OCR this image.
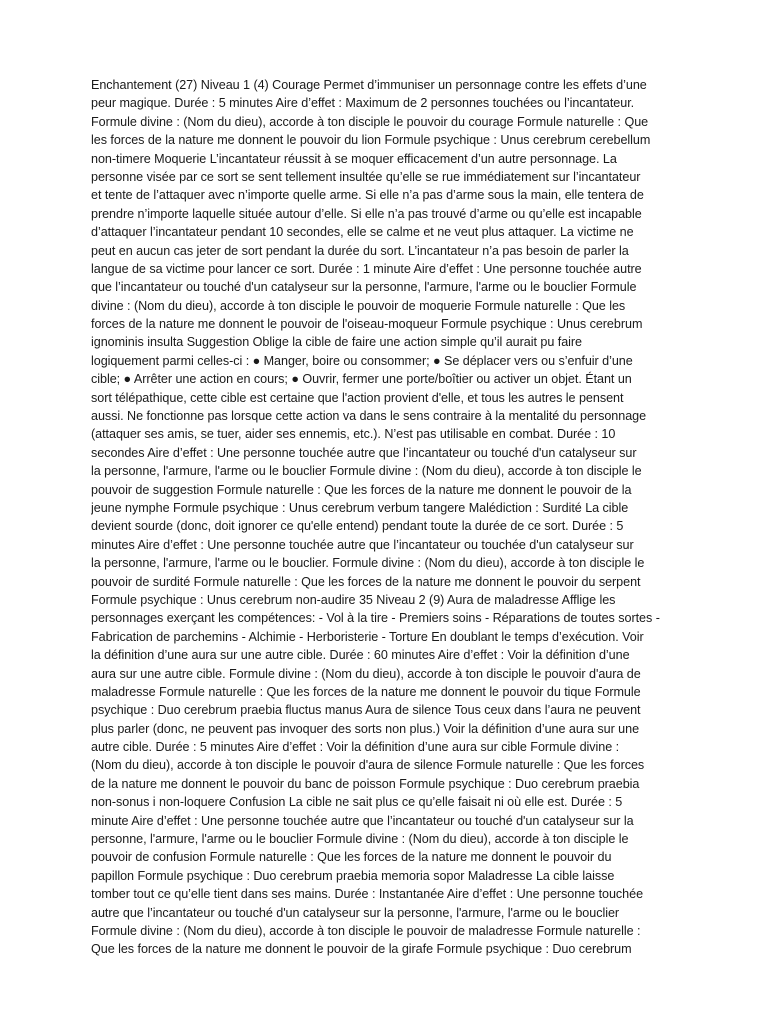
Enchantement (27) Niveau 1 (4) Courage Permet d’immuniser un personnage contre les effets d’une
peur magique. Durée : 5 minutes Aire d’effet : Maximum de 2 personnes touchées ou l’incantateur.
Formule divine : (Nom du dieu), accorde à ton disciple le pouvoir du courage Formule naturelle : Que
les forces de la nature me donnent le pouvoir du lion Formule psychique : Unus cerebrum cerebellum
non-timere Moquerie L’incantateur réussit à se moquer efficacement d’un autre personnage. La
personne visée par ce sort se sent tellement insultée qu’elle se rue immédiatement sur l’incantateur
et tente de l’attaquer avec n’importe quelle arme. Si elle n’a pas d’arme sous la main, elle tentera de
prendre n’importe laquelle située autour d’elle. Si elle n’a pas trouvé d’arme ou qu’elle est incapable
d’attaquer l’incantateur pendant 10 secondes, elle se calme et ne veut plus attaquer. La victime ne
peut en aucun cas jeter de sort pendant la durée du sort. L’incantateur n’a pas besoin de parler la
langue de sa victime pour lancer ce sort. Durée : 1 minute Aire d’effet : Une personne touchée autre
que l’incantateur ou touché d'un catalyseur sur la personne, l'armure, l'arme ou le bouclier Formule
divine : (Nom du dieu), accorde à ton disciple le pouvoir de moquerie Formule naturelle : Que les
forces de la nature me donnent le pouvoir de l'oiseau-moqueur Formule psychique : Unus cerebrum
ignominis insulta Suggestion Oblige la cible de faire une action simple qu’il aurait pu faire
logiquement parmi celles-ci : ● Manger, boire ou consommer; ● Se déplacer vers ou s’enfuir d’une
cible; ● Arrêter une action en cours; ● Ouvrir, fermer une porte/boîtier ou activer un objet. Étant un
sort télépathique, cette cible est certaine que l'action provient d'elle, et tous les autres le pensent
aussi. Ne fonctionne pas lorsque cette action va dans le sens contraire à la mentalité du personnage
(attaquer ses amis, se tuer, aider ses ennemis, etc.). N’est pas utilisable en combat. Durée : 10
secondes Aire d’effet : Une personne touchée autre que l’incantateur ou touché d'un catalyseur sur
la personne, l'armure, l'arme ou le bouclier Formule divine : (Nom du dieu), accorde à ton disciple le
pouvoir de suggestion Formule naturelle : Que les forces de la nature me donnent le pouvoir de la
jeune nymphe Formule psychique : Unus cerebrum verbum tangere Malédiction : Surdité La cible
devient sourde (donc, doit ignorer ce qu'elle entend) pendant toute la durée de ce sort. Durée : 5
minutes Aire d’effet : Une personne touchée autre que l’incantateur ou touchée d'un catalyseur sur
la personne, l'armure, l'arme ou le bouclier. Formule divine : (Nom du dieu), accorde à ton disciple le
pouvoir de surdité Formule naturelle : Que les forces de la nature me donnent le pouvoir du serpent
Formule psychique : Unus cerebrum non-audire 35 Niveau 2 (9) Aura de maladresse Afflige les
personnages exerçant les compétences: - Vol à la tire - Premiers soins - Réparations de toutes sortes -
Fabrication de parchemins - Alchimie - Herboristerie - Torture En doublant le temps d’exécution. Voir
la définition d’une aura sur une autre cible. Durée : 60 minutes Aire d’effet : Voir la définition d’une
aura sur une autre cible. Formule divine : (Nom du dieu), accorde à ton disciple le pouvoir d'aura de
maladresse Formule naturelle : Que les forces de la nature me donnent le pouvoir du tique Formule
psychique : Duo cerebrum praebia fluctus manus Aura de silence Tous ceux dans l’aura ne peuvent
plus parler (donc, ne peuvent pas invoquer des sorts non plus.) Voir la définition d’une aura sur une
autre cible. Durée : 5 minutes Aire d’effet : Voir la définition d’une aura sur cible Formule divine :
(Nom du dieu), accorde à ton disciple le pouvoir d'aura de silence Formule naturelle : Que les forces
de la nature me donnent le pouvoir du banc de poisson Formule psychique : Duo cerebrum praebia
non-sonus i non-loquere Confusion La cible ne sait plus ce qu’elle faisait ni où elle est. Durée : 5
minute Aire d’effet : Une personne touchée autre que l’incantateur ou touché d'un catalyseur sur la
personne, l'armure, l'arme ou le bouclier Formule divine : (Nom du dieu), accorde à ton disciple le
pouvoir de confusion Formule naturelle : Que les forces de la nature me donnent le pouvoir du
papillon Formule psychique : Duo cerebrum praebia memoria sopor Maladresse La cible laisse
tomber tout ce qu’elle tient dans ses mains. Durée : Instantanée Aire d’effet : Une personne touchée
autre que l’incantateur ou touché d'un catalyseur sur la personne, l'armure, l'arme ou le bouclier
Formule divine : (Nom du dieu), accorde à ton disciple le pouvoir de maladresse Formule naturelle :
Que les forces de la nature me donnent le pouvoir de la girafe Formule psychique : Duo cerebrum
